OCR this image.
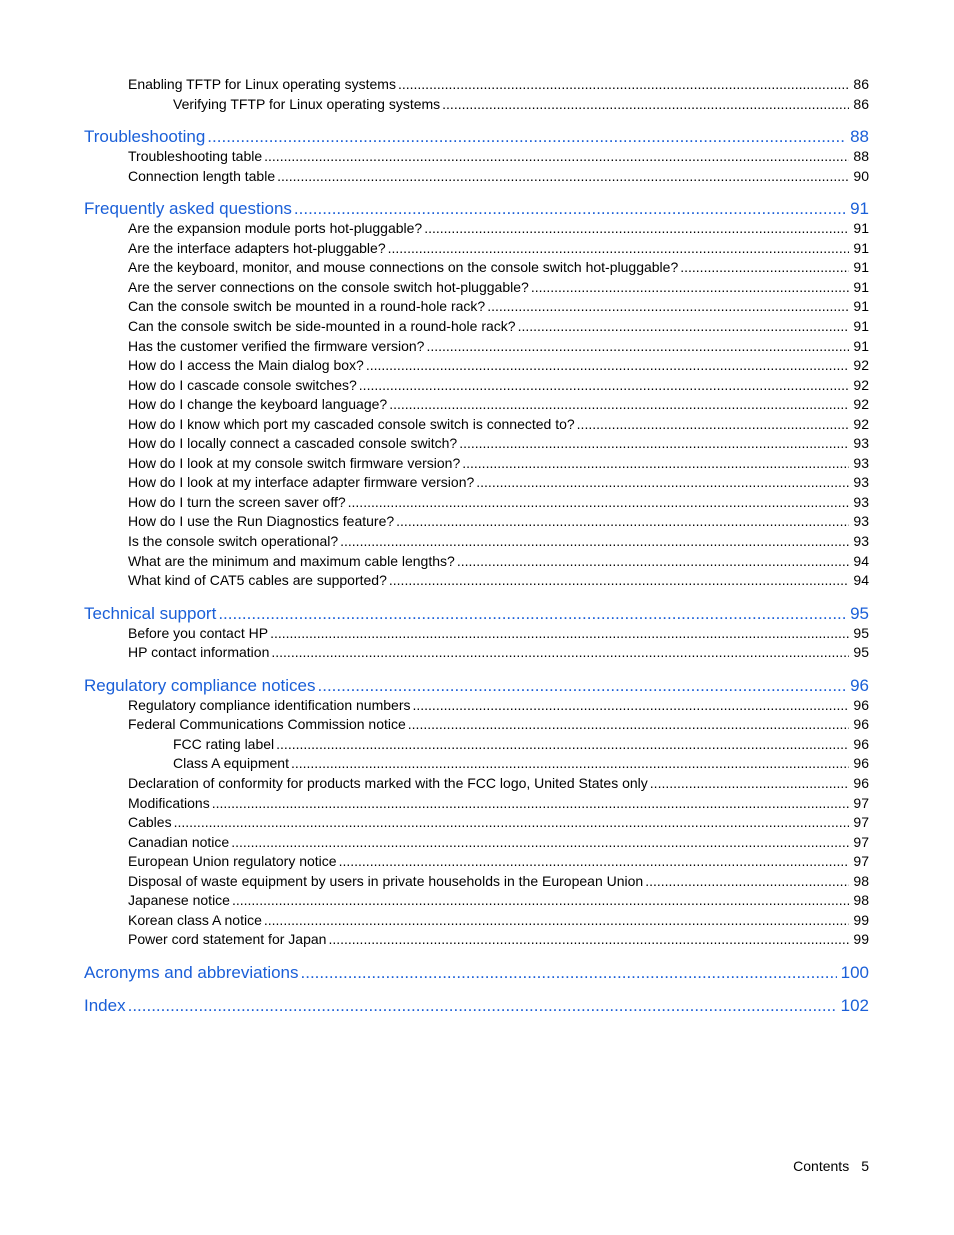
Enabling TFTP for Linux operating systems .....	86
Verifying TFTP for Linux operating systems .....	86
Troubleshooting .....	88
Troubleshooting table .....	88
Connection length table .....	90
Frequently asked questions .....	91
Are the expansion module ports hot-pluggable? .....	91
Are the interface adapters hot-pluggable? .....	91
Are the keyboard, monitor, and mouse connections on the console switch hot-pluggable? .....	91
Are the server connections on the console switch hot-pluggable? .....	91
Can the console switch be mounted in a round-hole rack? .....	91
Can the console switch be side-mounted in a round-hole rack? .....	91
Has the customer verified the firmware version? .....	91
How do I access the Main dialog box? .....	92
How do I cascade console switches? .....	92
How do I change the keyboard language? .....	92
How do I know which port my cascaded console switch is connected to? .....	92
How do I locally connect a cascaded console switch? .....	93
How do I look at my console switch firmware version? .....	93
How do I look at my interface adapter firmware version? .....	93
How do I turn the screen saver off? .....	93
How do I use the Run Diagnostics feature? .....	93
Is the console switch operational? .....	93
What are the minimum and maximum cable lengths? .....	94
What kind of CAT5 cables are supported? .....	94
Technical support .....	95
Before you contact HP .....	95
HP contact information .....	95
Regulatory compliance notices .....	96
Regulatory compliance identification numbers .....	96
Federal Communications Commission notice .....	96
FCC rating label .....	96
Class A equipment .....	96
Declaration of conformity for products marked with the FCC logo, United States only .....	96
Modifications .....	97
Cables .....	97
Canadian notice .....	97
European Union regulatory notice .....	97
Disposal of waste equipment by users in private households in the European Union .....	98
Japanese notice .....	98
Korean class A notice .....	99
Power cord statement for Japan .....	99
Acronyms and abbreviations .....	100
Index .....	102
Contents 5
